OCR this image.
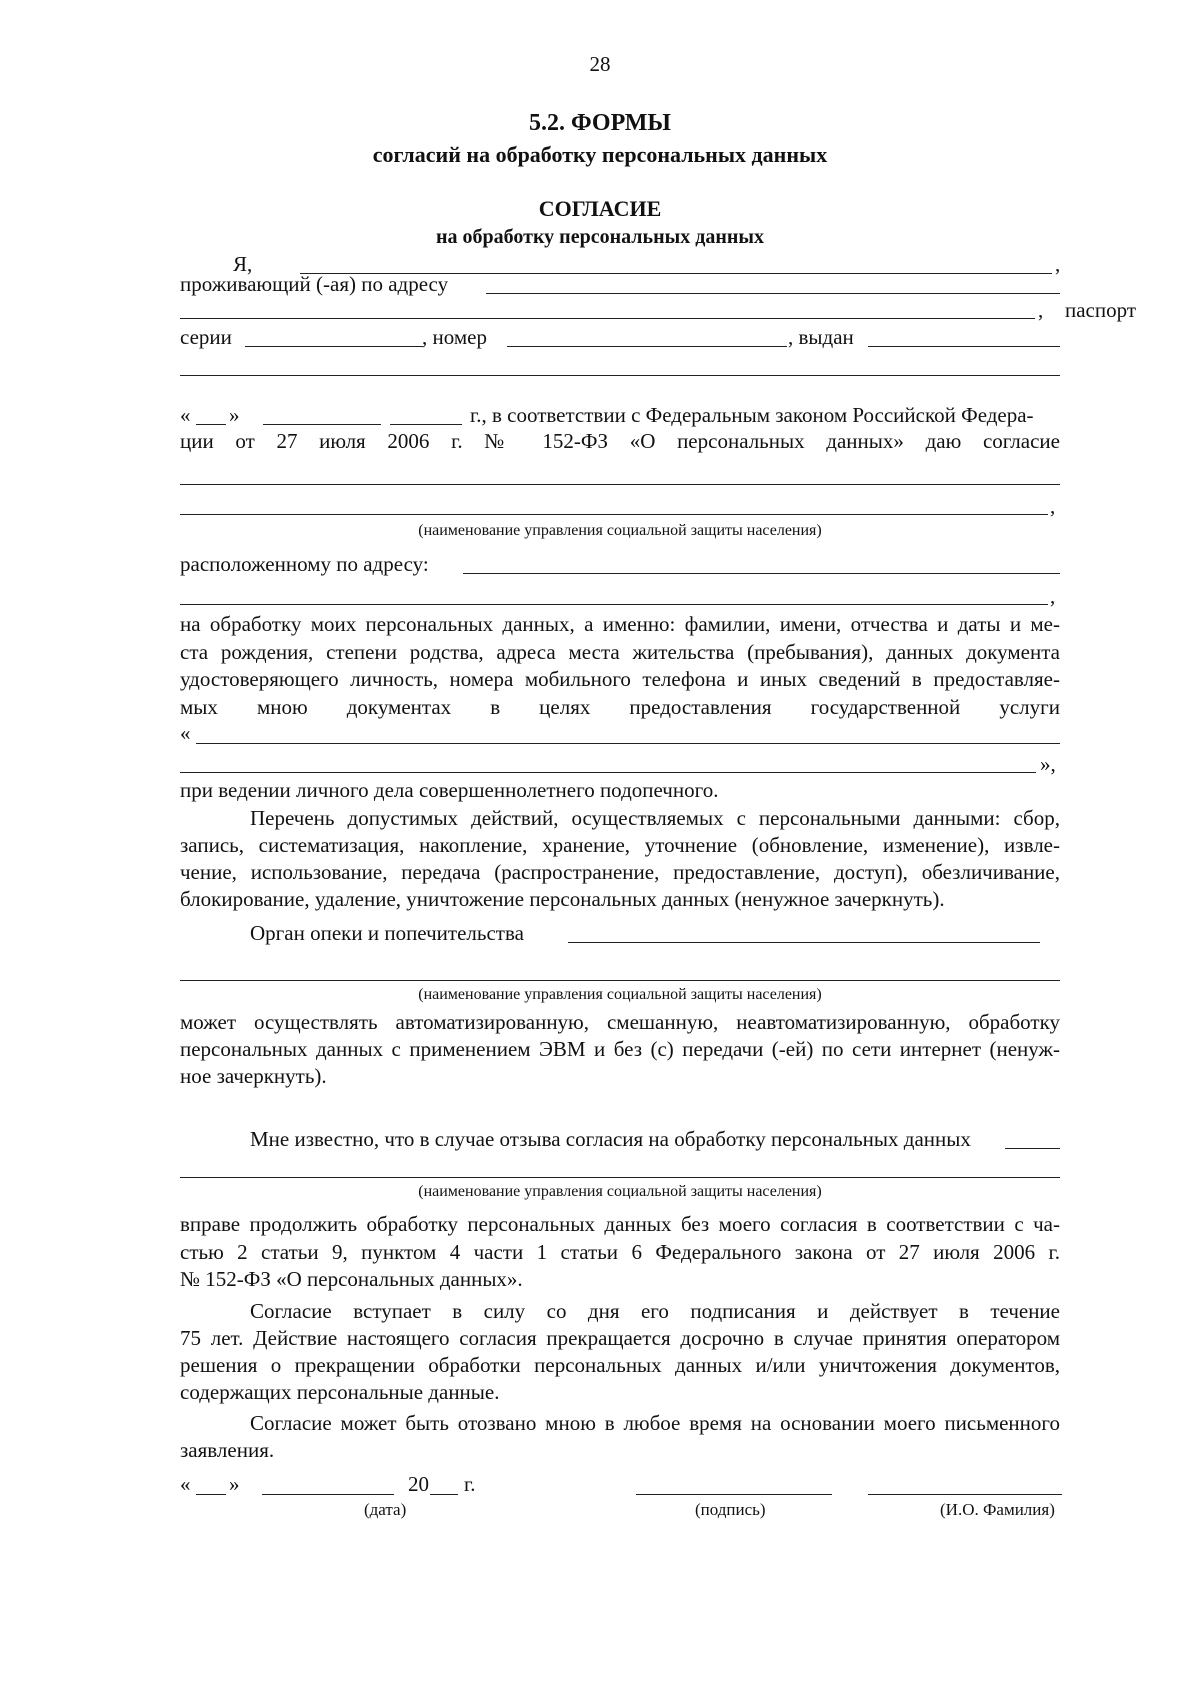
28
5.2. ФОРМЫ
согласий на обработку персональных данных
СОГЛАСИЕ
на обработку персональных данных
Я,	,
проживающий (-ая) по адресу
, паспорт
серии	, номер	, выдан
« »	г., в соответствии с Федеральным законом Российской Федера-
ции от 27 июля 2006 г. № 152-ФЗ «О персональных данных» даю согласие
,
(наименование управления социальной защиты населения)
расположенному по адресу:
,
на обработку моих персональных данных, а именно: фамилии, имени, отчества и даты и ме-
ста рождения, степени родства, адреса места жительства (пребывания), данных документа
удостоверяющего личность, номера мобильного телефона и иных сведений в предоставляе-
мых мною документах в целях предоставления государственной услуги
«
»,
при ведении личного дела совершеннолетнего подопечного.
Перечень допустимых действий, осуществляемых с персональными данными: сбор,
запись, систематизация, накопление, хранение, уточнение (обновление, изменение), извле-
чение, использование, передача (распространение, предоставление, доступ), обезличивание,
блокирование, удаление, уничтожение персональных данных (ненужное зачеркнуть).
Орган опеки и попечительства
(наименование управления социальной защиты населения)
может осуществлять автоматизированную, смешанную, неавтоматизированную, обработку
персональных данных с применением ЭВМ и без (с) передачи (-ей) по сети интернет (ненуж-
ное зачеркнуть).
Мне известно, что в случае отзыва согласия на обработку персональных данных
(наименование управления социальной защиты населения)
вправе продолжить обработку персональных данных без моего согласия в соответствии с ча-
стью 2 статьи 9, пунктом 4 части 1 статьи 6 Федерального закона от 27 июля 2006 г.
№ 152-ФЗ «О персональных данных».
Согласие вступает в силу со дня его подписания и действует в течение
75 лет. Действие настоящего согласия прекращается досрочно в случае принятия оператором
решения о прекращении обработки персональных данных и/или уничтожения документов,
содержащих персональные данные.
Согласие может быть отозвано мною в любое время на основании моего письменного
заявления.
« »	20 г.
(дата)	(подпись)	(И.О. Фамилия)
